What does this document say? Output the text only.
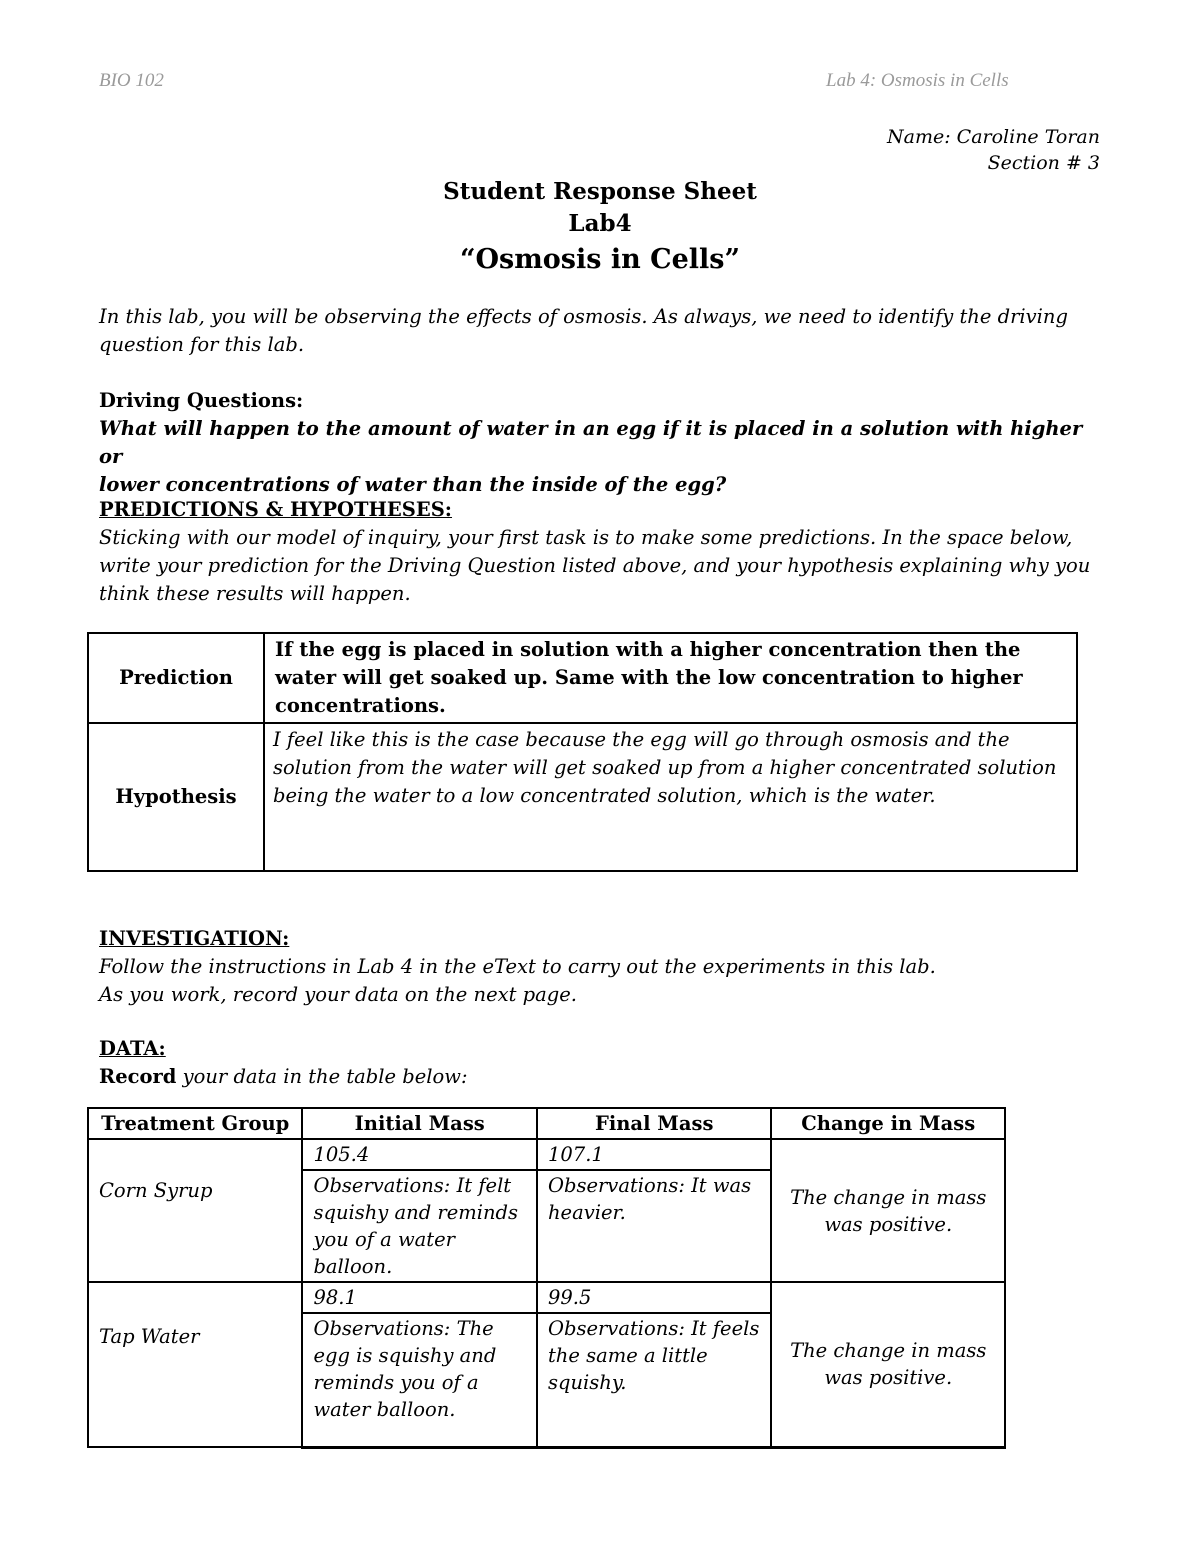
BIO 102	Lab 4: Osmosis in Cells
Name: Caroline Toran
Section # 3
Student Response Sheet
Lab4
“Osmosis in Cells”
In this lab, you will be observing the effects of osmosis. As always, we need to identify the driving
question for this lab.
Driving Questions:
What will happen to the amount of water in an egg if it is placed in a solution with higher or
lower concentrations of water than the inside of the egg?
PREDICTIONS & HYPOTHESES:
Sticking with our model of inquiry, your first task is to make some predictions. In the space below,
write your prediction for the Driving Question listed above, and your hypothesis explaining why you
think these results will happen.
Prediction	If the egg is placed in solution with a higher concentration then the water will get soaked up. Same with the low concentration to higher concentrations.
Hypothesis	I feel like this is the case because the egg will go through osmosis and the solution from the water will get soaked up from a higher concentrated solution being the water to a low concentrated solution, which is the water.
INVESTIGATION:
Follow the instructions in Lab 4 in the eText to carry out the experiments in this lab.
As you work, record your data on the next page.
DATA:
Record your data in the table below:
Treatment Group	Initial Mass	Final Mass	Change in Mass

Corn Syrup	105.4	107.1	The change in mass was positive.
	Observations: It felt squishy and reminds you of a water balloon.	Observations: It was heavier.	

Tap Water	98.1	99.5	The change in mass was positive.
	Observations: The egg is squishy and reminds you of a water balloon.	Observations: It feels the same a little squishy.	
